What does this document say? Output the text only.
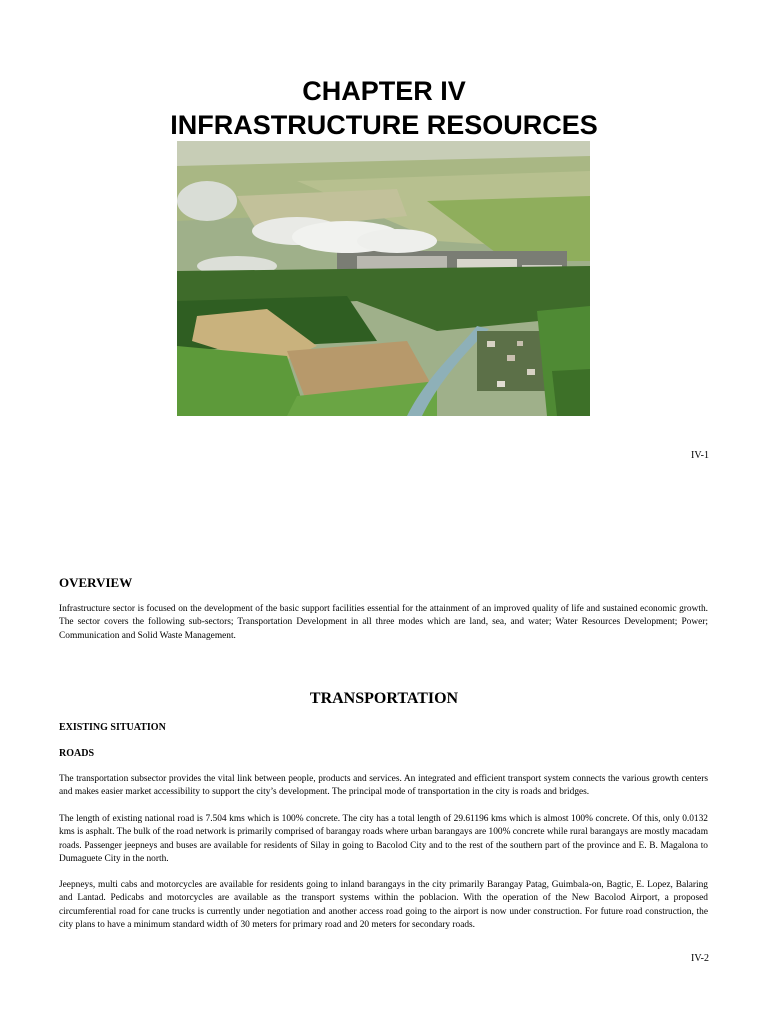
CHAPTER IV
INFRASTRUCTURE RESOURCES
IV-1
OVERVIEW

Infrastructure sector is focused on the development of the basic support facilities essential for the attainment of an improved quality of life and sustained economic growth. The sector covers the following sub-sectors; Transportation Development in all three modes which are land, sea, and water; Water Resources Development; Power; Communication and Solid Waste Management.

TRANSPORTATION
EXISTING SITUATION
ROADS

The transportation subsector provides the vital link between people, products and services. An integrated and efficient transport system connects the various growth centers and makes easier market accessibility to support the city’s development. The principal mode of transportation in the city is roads and bridges.

The length of existing national road is 7.504 kms which is 100% concrete. The city has a total length of 29.61196 kms which is almost 100% concrete. Of this, only 0.0132 kms is asphalt. The bulk of the road network is primarily comprised of barangay roads where urban barangays are 100% concrete while rural barangays are mostly macadam roads. Passenger jeepneys and buses are available for residents of Silay in going to Bacolod City and to the rest of the southern part of the province and E. B. Magalona to Dumaguete City in the north.

Jeepneys, multi cabs and motorcycles are available for residents going to inland barangays in the city primarily Barangay Patag, Guimbala-on, Bagtic, E. Lopez, Balaring and Lantad. Pedicabs and motorcycles are available as the transport systems within the poblacion. With the operation of the New Bacolod Airport, a proposed circumferential road for cane trucks is currently under negotiation and another access road going to the airport is now under construction. For future road construction, the city plans to have a minimum standard width of 30 meters for primary road and 20 meters for secondary roads.

IV-2
